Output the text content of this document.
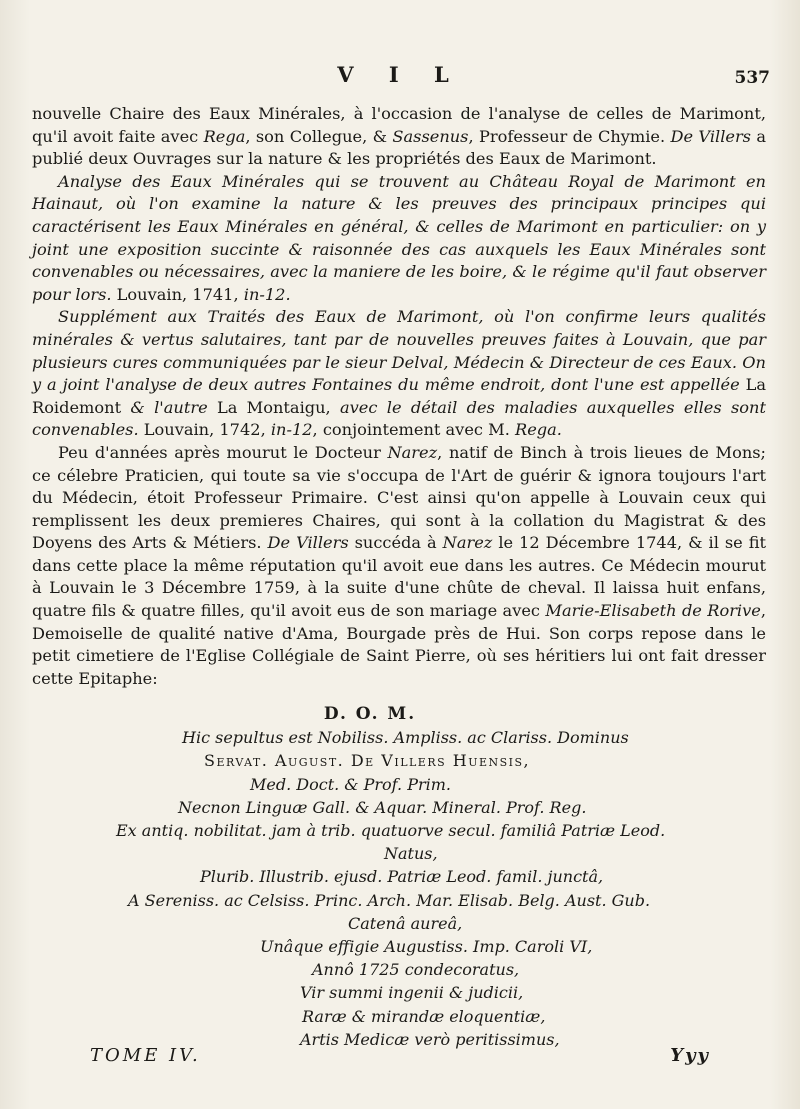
V I L	537

nouvelle Chaire des Eaux Minérales, à l'occasion de l'analyse de celles de Marimont, qu'il avoit faite avec Rega, son Collegue, & Sassenus, Professeur de Chymie. De Villers a publié deux Ouvrages sur la nature & les propriétés des Eaux de Marimont.

Analyse des Eaux Minérales qui se trouvent au Château Royal de Marimont en Hainaut, où l'on examine la nature & les preuves des principaux principes qui caractérisent les Eaux Minérales en général, & celles de Marimont en particulier: on y joint une exposition succinte & raisonnée des cas auxquels les Eaux Minérales sont convenables ou nécessaires, avec la maniere de les boire, & le régime qu'il faut observer pour lors. Louvain, 1741, in-12.

Supplément aux Traités des Eaux de Marimont, où l'on confirme leurs qualités minérales & vertus salutaires, tant par de nouvelles preuves faites à Louvain, que par plusieurs cures communiquées par le sieur Delval, Médecin & Directeur de ces Eaux. On y a joint l'analyse de deux autres Fontaines du même endroit, dont l'une est appellée La Roidemont & l'autre La Montaigu, avec le détail des maladies auxquelles elles sont convenables. Louvain, 1742, in-12, conjointement avec M. Rega.

Peu d'années après mourut le Docteur Narez, natif de Binch à trois lieues de Mons; ce célebre Praticien, qui toute sa vie s'occupa de l'Art de guérir & ignora toujours l'art du Médecin, étoit Professeur Primaire. C'est ainsi qu'on appelle à Louvain ceux qui remplissent les deux premieres Chaires, qui sont à la collation du Magistrat & des Doyens des Arts & Métiers. De Villers succéda à Narez le 12 Décembre 1744, & il se fit dans cette place la même réputation qu'il avoit eue dans les autres. Ce Médecin mourut à Louvain le 3 Décembre 1759, à la suite d'une chûte de cheval. Il laissa huit enfans, quatre fils & quatre filles, qu'il avoit eus de son mariage avec Marie-Elisabeth de Rorive, Demoiselle de qualité native d'Ama, Bourgade près de Hui. Son corps repose dans le petit cimetiere de l'Eglise Collégiale de Saint Pierre, où ses héritiers lui ont fait dresser cette Epitaphe:

D. O. M.
Hic sepultus est Nobiliss. Ampliss. ac Clariss. Dominus
Servat. August. De Villers Huensis,
Med. Doct. & Prof. Prim.
Necnon Linguæ Gall. & Aquar. Mineral. Prof. Reg.
Ex antiq. nobilitat. jam à trib. quatuorve secul. familiâ Patriæ Leod.
Natus,
Plurib. Illustrib. ejusd. Patriæ Leod. famil. junctâ,
A Sereniss. ac Celsiss. Princ. Arch. Mar. Elisab. Belg. Aust. Gub.
Catenâ aureâ,
Unâque effigie Augustiss. Imp. Caroli VI,
Annô 1725 condecoratus,
Vir summi ingenii & judicii,
Raræ & mirandæ eloquentiæ,
Artis Medicæ verò peritissimus,
TOME IV.	Yyy
